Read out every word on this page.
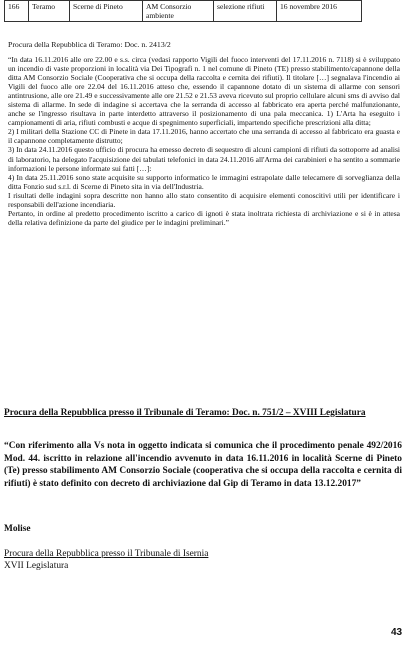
166	Teramo	Scerne di Pineto	AM Consorzio ambiente	selezione rifiuti	16 novembre 2016
Procura della Repubblica di Teramo: Doc. n. 2413/2

“In data 16.11.2016 alle ore 22.00 e s.s. circa (vedasi rapporto Vigili del fuoco interventi del 17.11.2016 n. 7118) si è sviluppato un incendio di vaste proporzioni in località via Dei Tipografi n. 1 nel comune di Pineto (TE) presso stabilimento/capannone della ditta AM Consorzio Sociale (Cooperativa che si occupa della raccolta e cernita dei rifiuti). Il titolare […] segnalava l'incendio ai Vigili del fuoco alle ore 22.04 del 16.11.2016 atteso che, essendo il capannone dotato di un sistema di allarme con sensori antintrusione, alle ore 21.49 e successivamente alle ore 21.52 e 21.53 aveva ricevuto sul proprio cellulare alcuni sms di avviso dal sistema di allarme. In sede di indagine si accertava che la serranda di accesso al fabbricato era aperta perché malfunzionante, anche se l'ingresso risultava in parte interdetto attraverso il posizionamento di una pala meccanica. 1) L'Arta ha eseguito i campionamenti di aria, rifiuti combusti e acque di spegnimento superficiali, impartendo specifiche prescrizioni alla ditta;

2) I militari della Stazione CC di Pinete in data 17.11.2016, hanno accertato che una serranda di accesso al fabbricato era guasta e il capannone completamente distrutto;

3) In data 24.11.2016 questo ufficio di procura ha emesso decreto di sequestro di alcuni campioni di rifiuti da sottoporre ad analisi di laboratorio, ha delegato l'acquisizione dei tabulati telefonici in data 24.11.2016 all'Arma dei carabinieri e ha sentito a sommarie informazioni le persone informate sui fatti […]:

4) In data 25.11.2016 sono state acquisite su supporto informatico le immagini estrapolate dalle telecamere di sorveglianza della ditta Fonzio sud s.r.l. di Scerne di Pineto sita in via dell'Industria.

I risultati delle indagini sopra descritte non hanno allo stato consentito di acquisire elementi conoscitivi utili per identificare i responsabili dell'azione incendiaria.

Pertanto, in ordine al predetto procedimento iscritto a carico di ignoti è stata inoltrata richiesta di archiviazione e si è in attesa della relativa definizione da parte del giudice per le indagini preliminari.”

Procura della Repubblica presso il Tribunale di Teramo: Doc. n. 751/2 – XVIII Legislatura
“Con riferimento alla Vs nota in oggetto indicata si comunica che il procedimento penale 492/2016 Mod. 44. iscritto in relazione all'incendio avvenuto in data 16.11.2016 in località Scerne di Pineto (Te) presso stabilimento AM Consorzio Sociale (cooperativa che si occupa della raccolta e cernita di rifiuti) è stato definito con decreto di archiviazione dal Gip di Teramo in data 13.12.2017”
Molise
Procura della Repubblica presso il Tribunale di Isernia
XVII Legislatura
43
